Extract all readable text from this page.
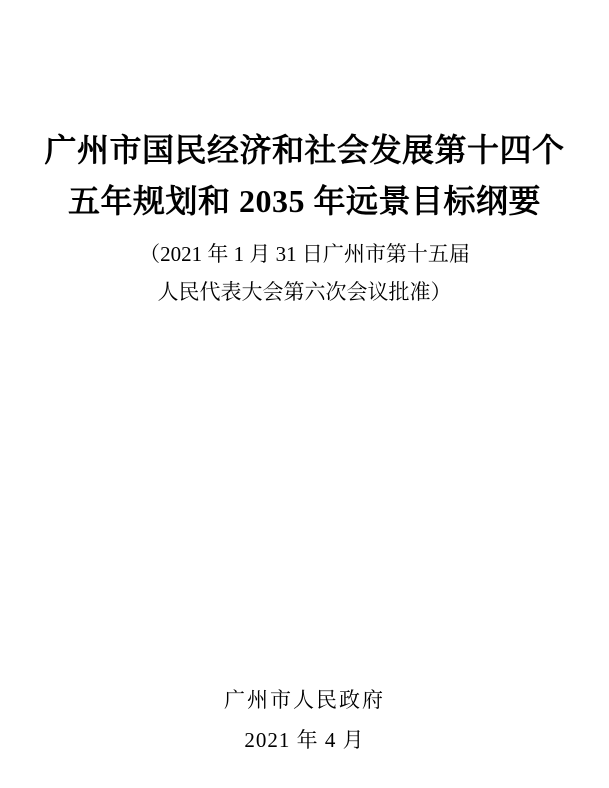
广州市国民经济和社会发展第十四个
五年规划和 2035 年远景目标纲要
（2021 年 1 月 31 日广州市第十五届
人民代表大会第六次会议批准）
广州市人民政府
2021 年 4 月
